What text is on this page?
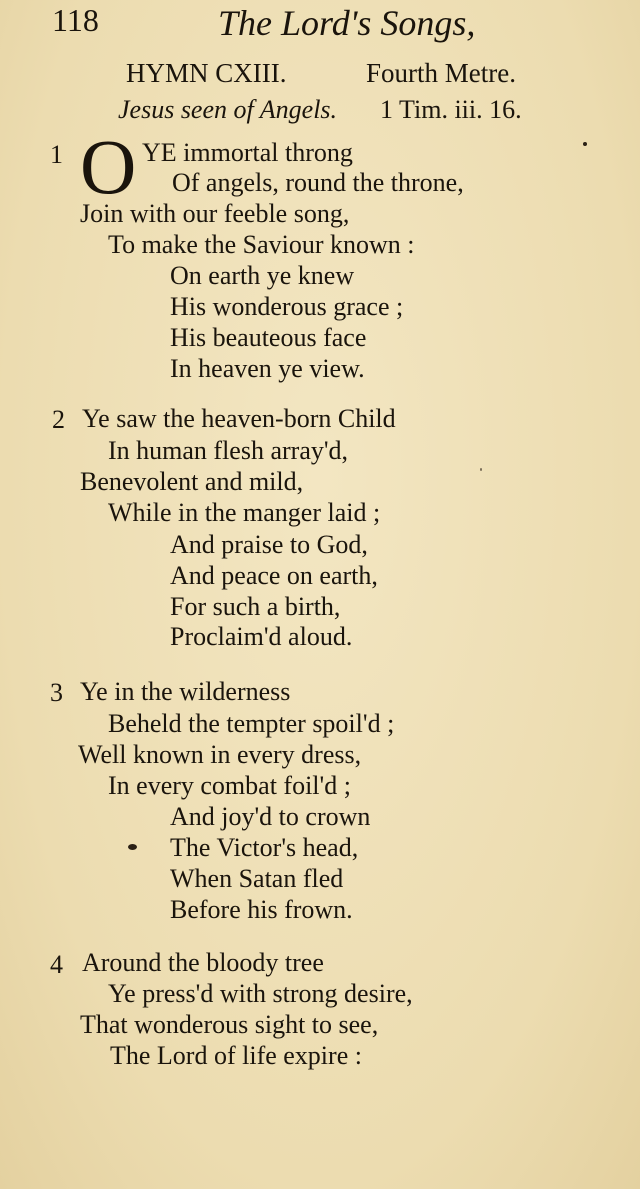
118	The Lord's Songs,
HYMN CXIII.	Fourth Metre.
Jesus seen of Angels. 1 Tim. iii. 16.
1 O YE immortal throng
Of angels, round the throne,
Join with our feeble song,
To make the Saviour known :
On earth ye knew
His wonderous grace ;
His beauteous face
In heaven ye view.
2 Ye saw the heaven-born Child
In human flesh array'd,
Benevolent and mild,
While in the manger laid ;
And praise to God,
And peace on earth,
For such a birth,
Proclaim'd aloud.
3 Ye in the wilderness
Beheld the tempter spoil'd ;
Well known in every dress,
In every combat foil'd ;
And joy'd to crown
The Victor's head,
When Satan fled
Before his frown.
4 Around the bloody tree
Ye press'd with strong desire,
That wonderous sight to see,
The Lord of life expire :
